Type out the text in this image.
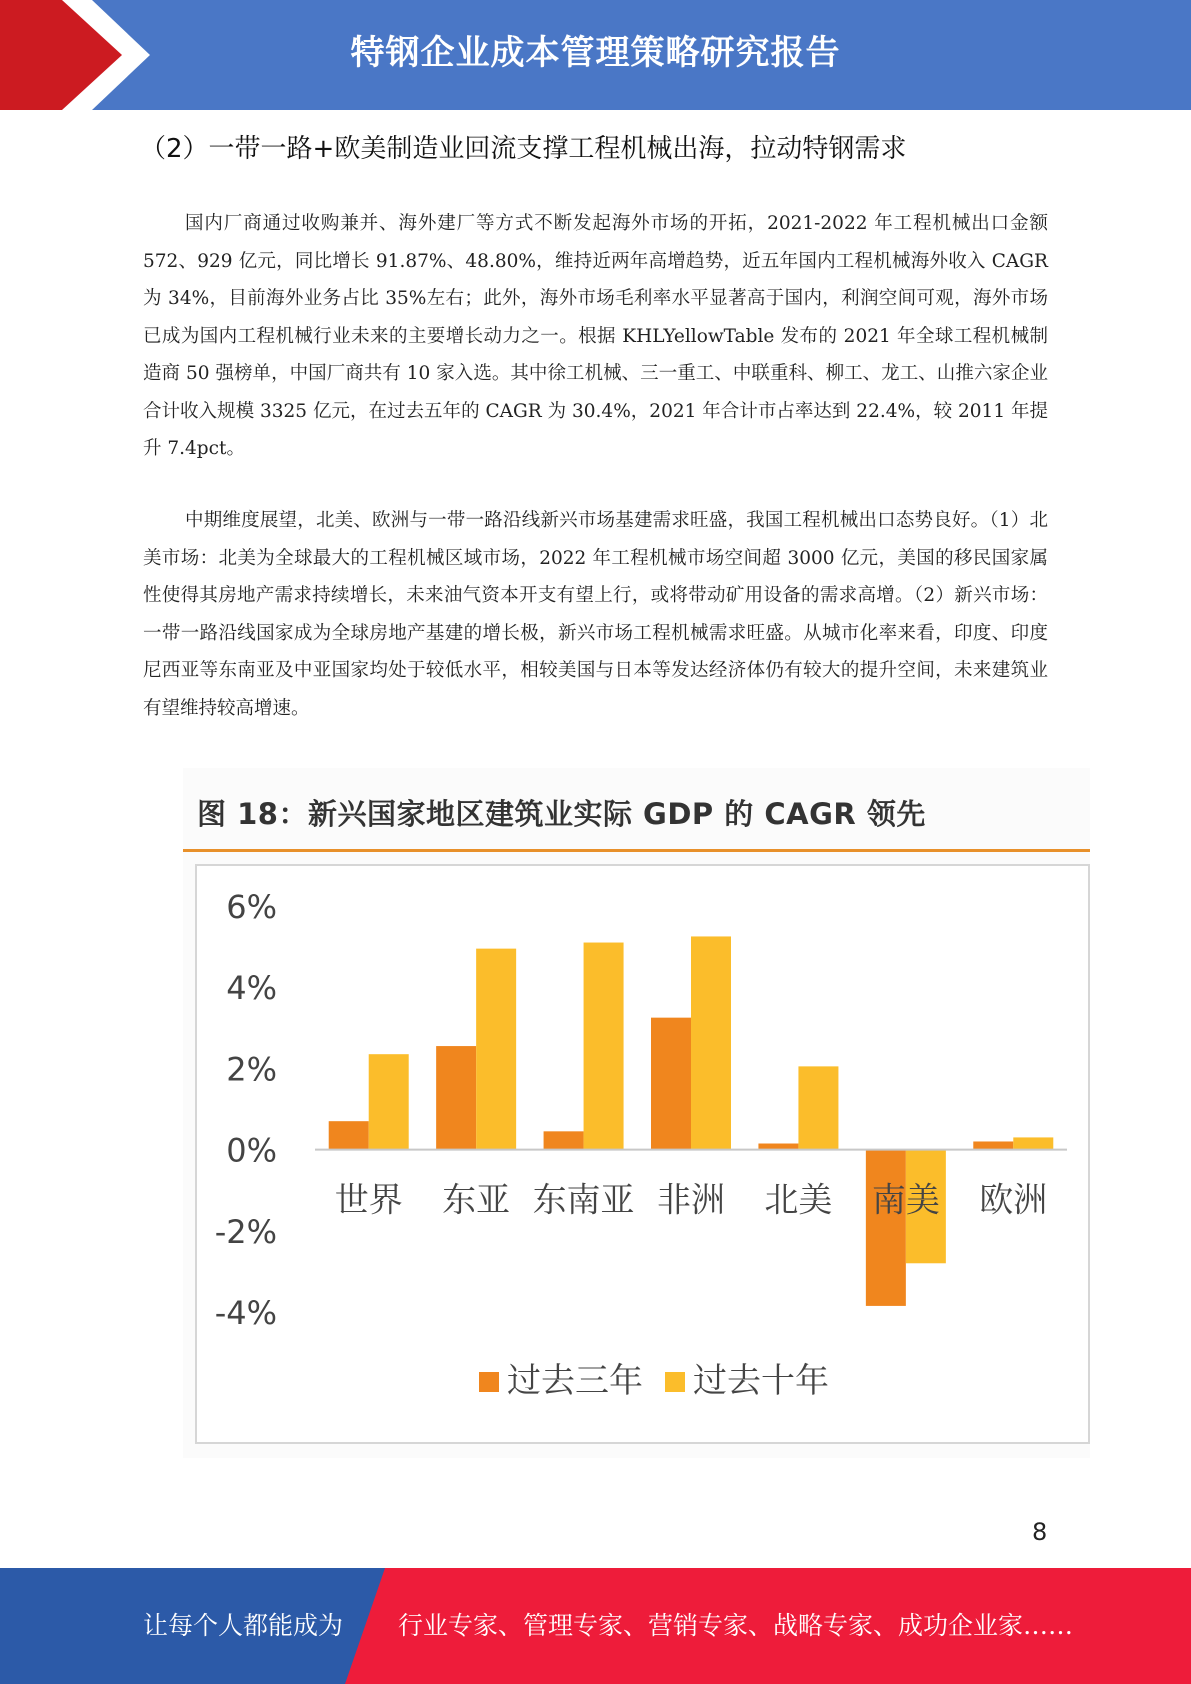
特钢企业成本管理策略研究报告
（2）一带一路+欧美制造业回流支撑工程机械出海，拉动特钢需求

国内厂商通过收购兼并、海外建厂等方式不断发起海外市场的开拓，2021-2022 年工程机械出口金额 572、929 亿元，同比增长 91.87%、48.80%，维持近两年高增趋势，近五年国内工程机械海外收入 CAGR 为 34%，目前海外业务占比 35%左右；此外，海外市场毛利率水平显著高于国内，利润空间可观，海外市场已成为国内工程机械行业未来的主要增长动力之一。根据 KHLYellowTable 发布的 2021 年全球工程机械制造商 50 强榜单，中国厂商共有 10 家入选。其中徐工机械、三一重工、中联重科、柳工、龙工、山推六家企业合计收入规模 3325 亿元，在过去五年的 CAGR 为 30.4%，2021 年合计市占率达到 22.4%，较 2011 年提升 7.4pct。

中期维度展望，北美、欧洲与一带一路沿线新兴市场基建需求旺盛，我国工程机械出口态势良好。（1）北美市场：北美为全球最大的工程机械区域市场，2022 年工程机械市场空间超 3000 亿元，美国的移民国家属性使得其房地产需求持续增长，未来油气资本开支有望上行，或将带动矿用设备的需求高增。（2）新兴市场：一带一路沿线国家成为全球房地产基建的增长极，新兴市场工程机械需求旺盛。从城市化率来看，印度、印度尼西亚等东南亚及中亚国家均处于较低水平，相较美国与日本等发达经济体仍有较大的提升空间，未来建筑业有望维持较高增速。

图 18：新兴国家地区建筑业实际 GDP 的 CAGR 领先
6%
4%
2%
0%
-2%
-4%
世界 东亚 东南亚 非洲 北美 南美 欧洲
过去三年 过去十年
8
让每个人都能成为 行业专家、管理专家、营销专家、战略专家、成功企业家……
